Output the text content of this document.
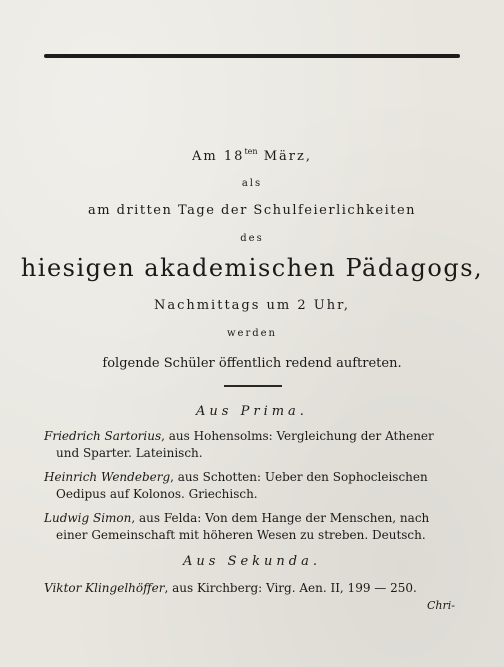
Am $18^{ten}$ März,
als
am dritten Tage der Schulfeierlichkeiten
des
hiesigen akademischen Pädagogs,
Nachmittags um 2 Uhr,
werden
folgende Schüler öffentlich redend auftreten.
Aus Prima.
Friedrich Sartorius, aus Hohensolms: Vergleichung der Athener
und Sparter. Lateinisch.
Heinrich Wendeberg, aus Schotten: Ueber den Sophocleischen
Oedipus auf Kolonos. Griechisch.
Ludwig Simon, aus Felda: Von dem Hange der Menschen, nach
einer Gemeinschaft mit höheren Wesen zu streben. Deutsch.
Aus Sekunda.
Viktor Klingelhöffer, aus Kirchberg: Virg. Aen. II, 199 — 250.
Chri-
